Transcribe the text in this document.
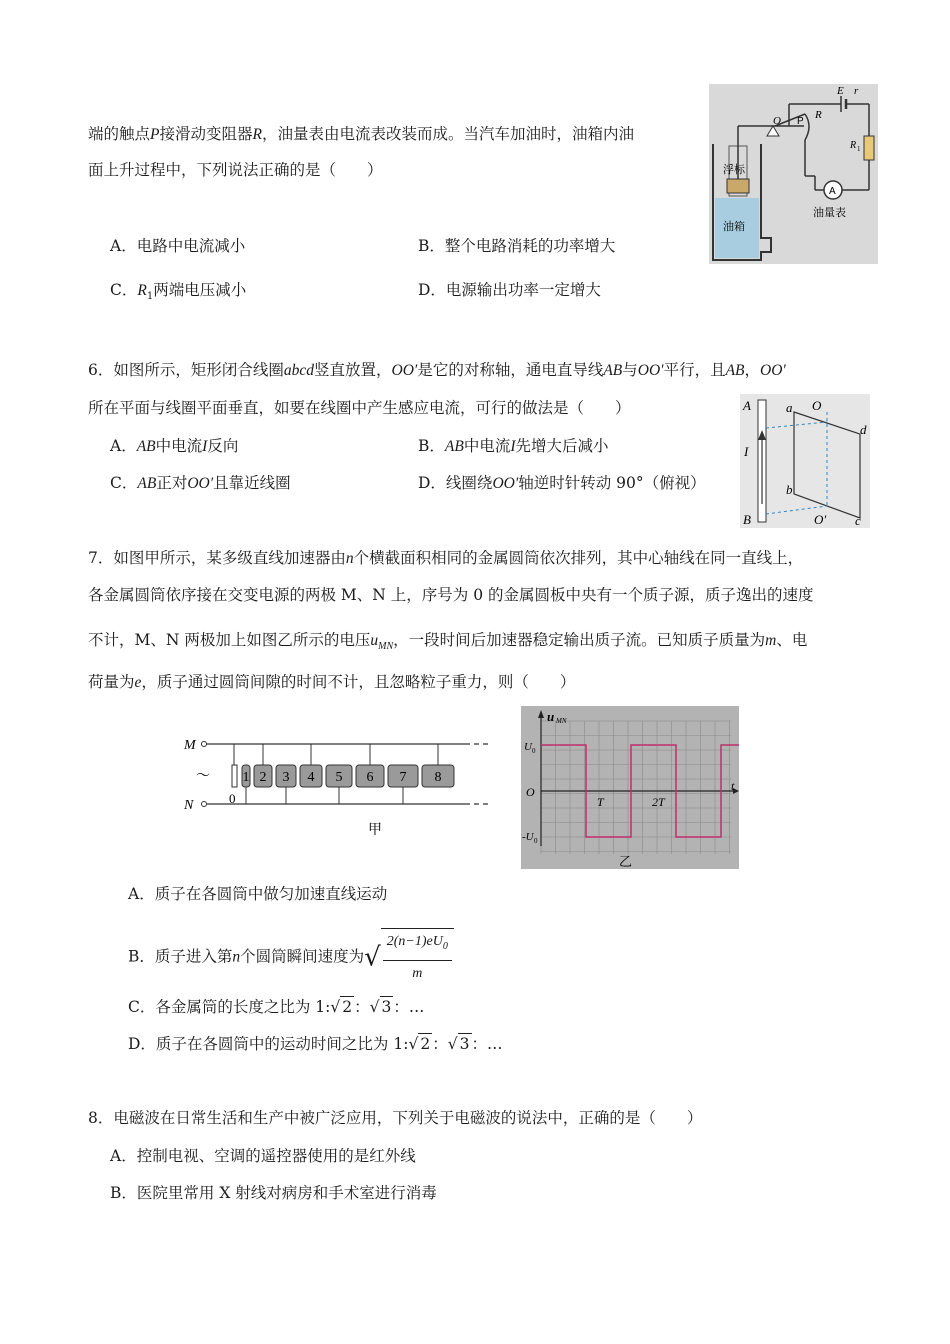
端的触点P接滑动变阻器R，油量表由电流表改装而成。当汽车加油时，油箱内油
面上升过程中，下列说法正确的是（　　）
A．电路中电流减小	B．整个电路消耗的功率增大
C．$R_1$两端电压减小	D．电源输出功率一定增大
A
E r
R
R 1
O P
浮标
油箱
油量表
6．如图所示，矩形闭合线圈abcd竖直放置，OO′是它的对称轴，通电直导线AB与OO′平行，且AB，OO′
所在平面与线圈平面垂直，如要在线圈中产生感应电流，可行的做法是（　　）
A．AB中电流I反向	B．AB中电流I先增大后减小
C．AB正对OO′且靠近线圈	D．线圈绕OO′轴逆时针转动 90°（俯视）
A
B
I
a O
d
b
O′ c
7．如图甲所示，某多级直线加速器由n个横截面积相同的金属圆筒依次排列，其中心轴线在同一直线上，
各金属圆筒依序接在交变电源的两极 M、N 上，序号为 0 的金属圆板中央有一个质子源，质子逸出的速度
不计，M、N 两极加上如图乙所示的电压$u_{MN}$，一段时间后加速器稳定输出质子流。已知质子质量为m、电
荷量为e，质子通过圆筒间隙的时间不计，且忽略粒子重力，则（　　）
M
N
～
0
1 2 3 4 5 6 7 8
甲
u MN
t
U 0
-U 0
O
T	2T
乙
A．质子在各圆筒中做匀加速直线运动
B．质子进入第n个圆筒瞬间速度为√ $\frac{2(n-1)eU_0}{m}$
C．各金属筒的长度之比为 1:√ 2 ：√ 3 ：…
D．质子在各圆筒中的运动时间之比为 1:√ 2 ：√ 3 ：…
8．电磁波在日常生活和生产中被广泛应用，下列关于电磁波的说法中，正确的是（　　）
A．控制电视、空调的遥控器使用的是红外线
B．医院里常用 X 射线对病房和手术室进行消毒
